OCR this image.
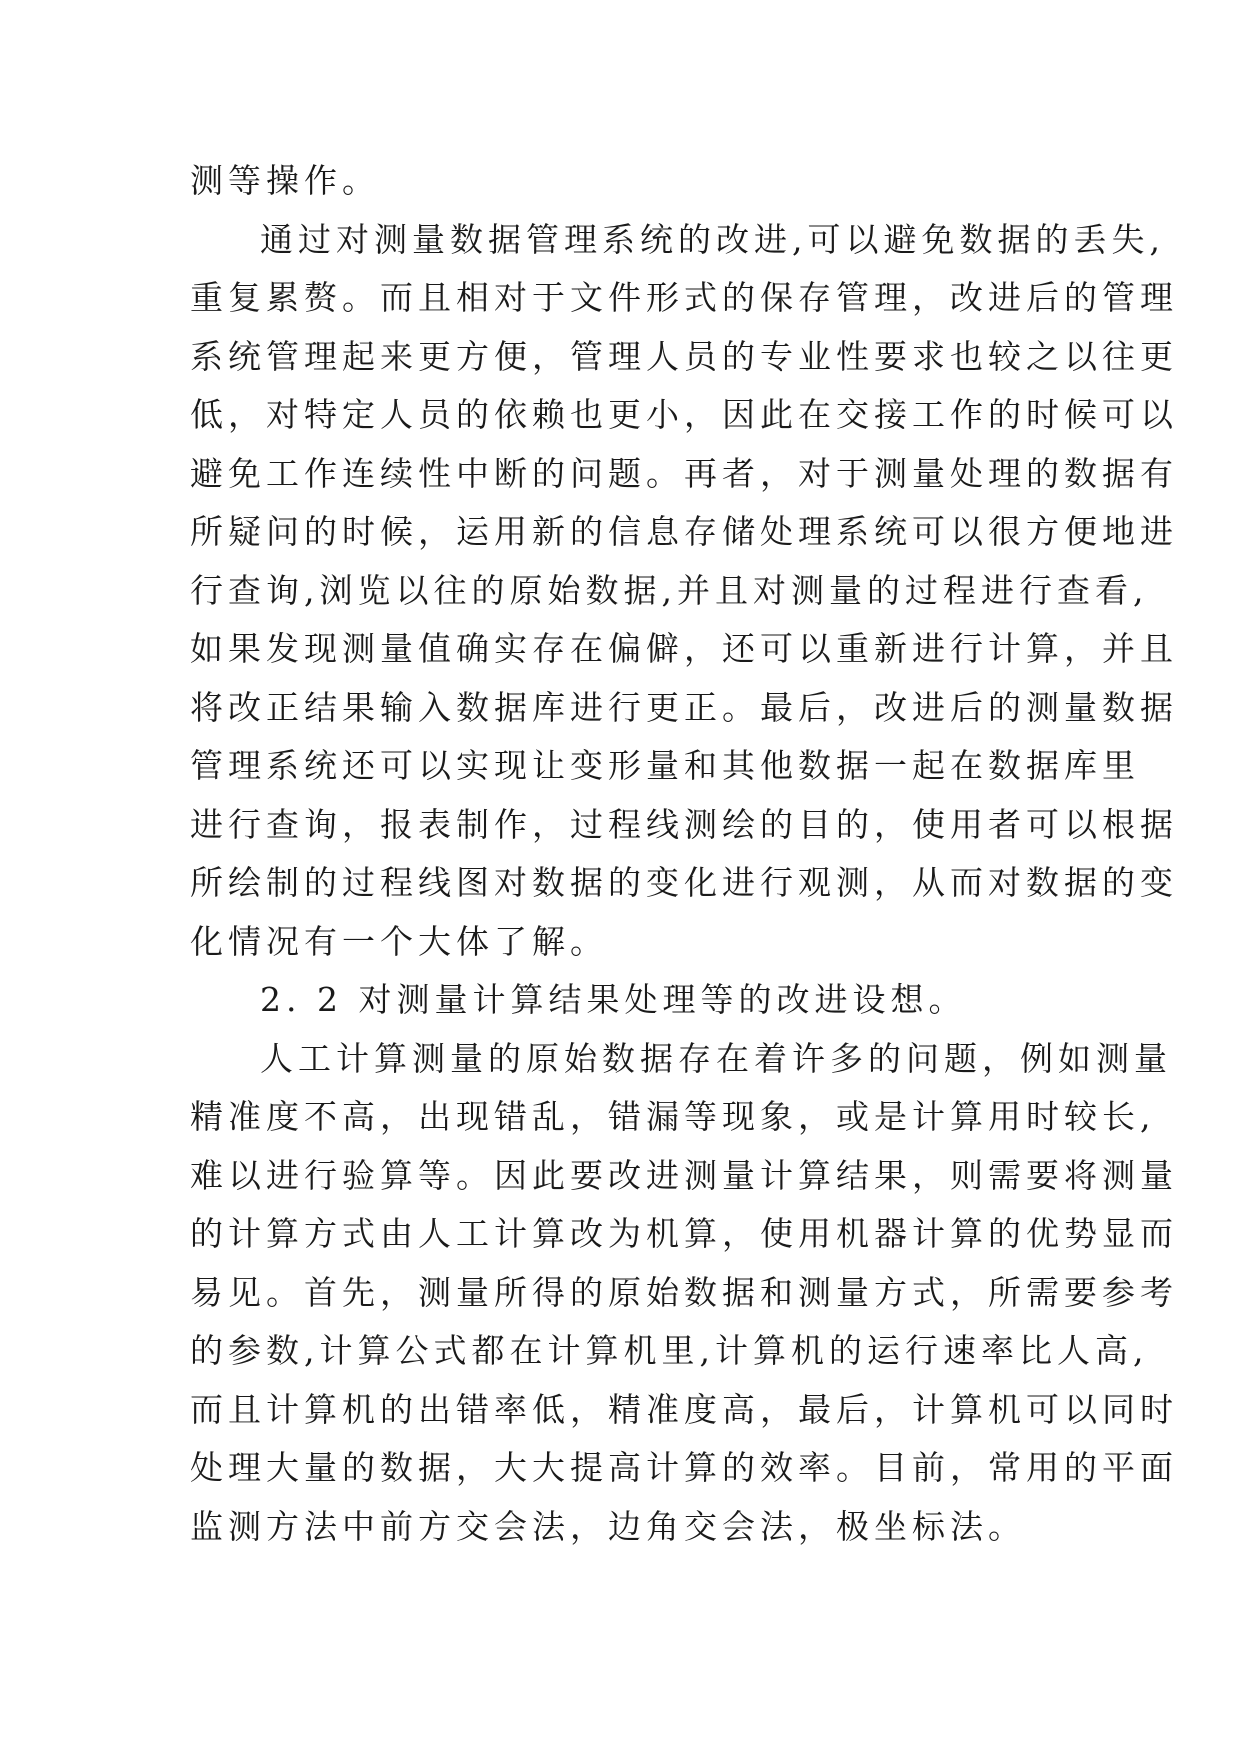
测等操作。
通过对测量数据管理系统的改进,可以避免数据的丢失,
重复累赘。而且相对于文件形式的保存管理，改进后的管理
系统管理起来更方便，管理人员的专业性要求也较之以往更
低，对特定人员的依赖也更小，因此在交接工作的时候可以
避免工作连续性中断的问题。再者，对于测量处理的数据有
所疑问的时候，运用新的信息存储处理系统可以很方便地进
行查询,浏览以往的原始数据,并且对测量的过程进行查看,
如果发现测量值确实存在偏僻，还可以重新进行计算，并且
将改正结果输入数据库进行更正。最后，改进后的测量数据
管理系统还可以实现让变形量和其他数据一起在数据库里
进行查询，报表制作，过程线测绘的目的，使用者可以根据
所绘制的过程线图对数据的变化进行观测，从而对数据的变
化情况有一个大体了解。
2. 2 对测量计算结果处理等的改进设想。
人工计算测量的原始数据存在着许多的问题，例如测量
精准度不高，出现错乱，错漏等现象，或是计算用时较长,
难以进行验算等。因此要改进测量计算结果，则需要将测量
的计算方式由人工计算改为机算，使用机器计算的优势显而
易见。首先，测量所得的原始数据和测量方式，所需要参考
的参数,计算公式都在计算机里,计算机的运行速率比人高,
而且计算机的出错率低，精准度高，最后，计算机可以同时
处理大量的数据，大大提高计算的效率。目前，常用的平面
监测方法中前方交会法，边角交会法，极坐标法。
